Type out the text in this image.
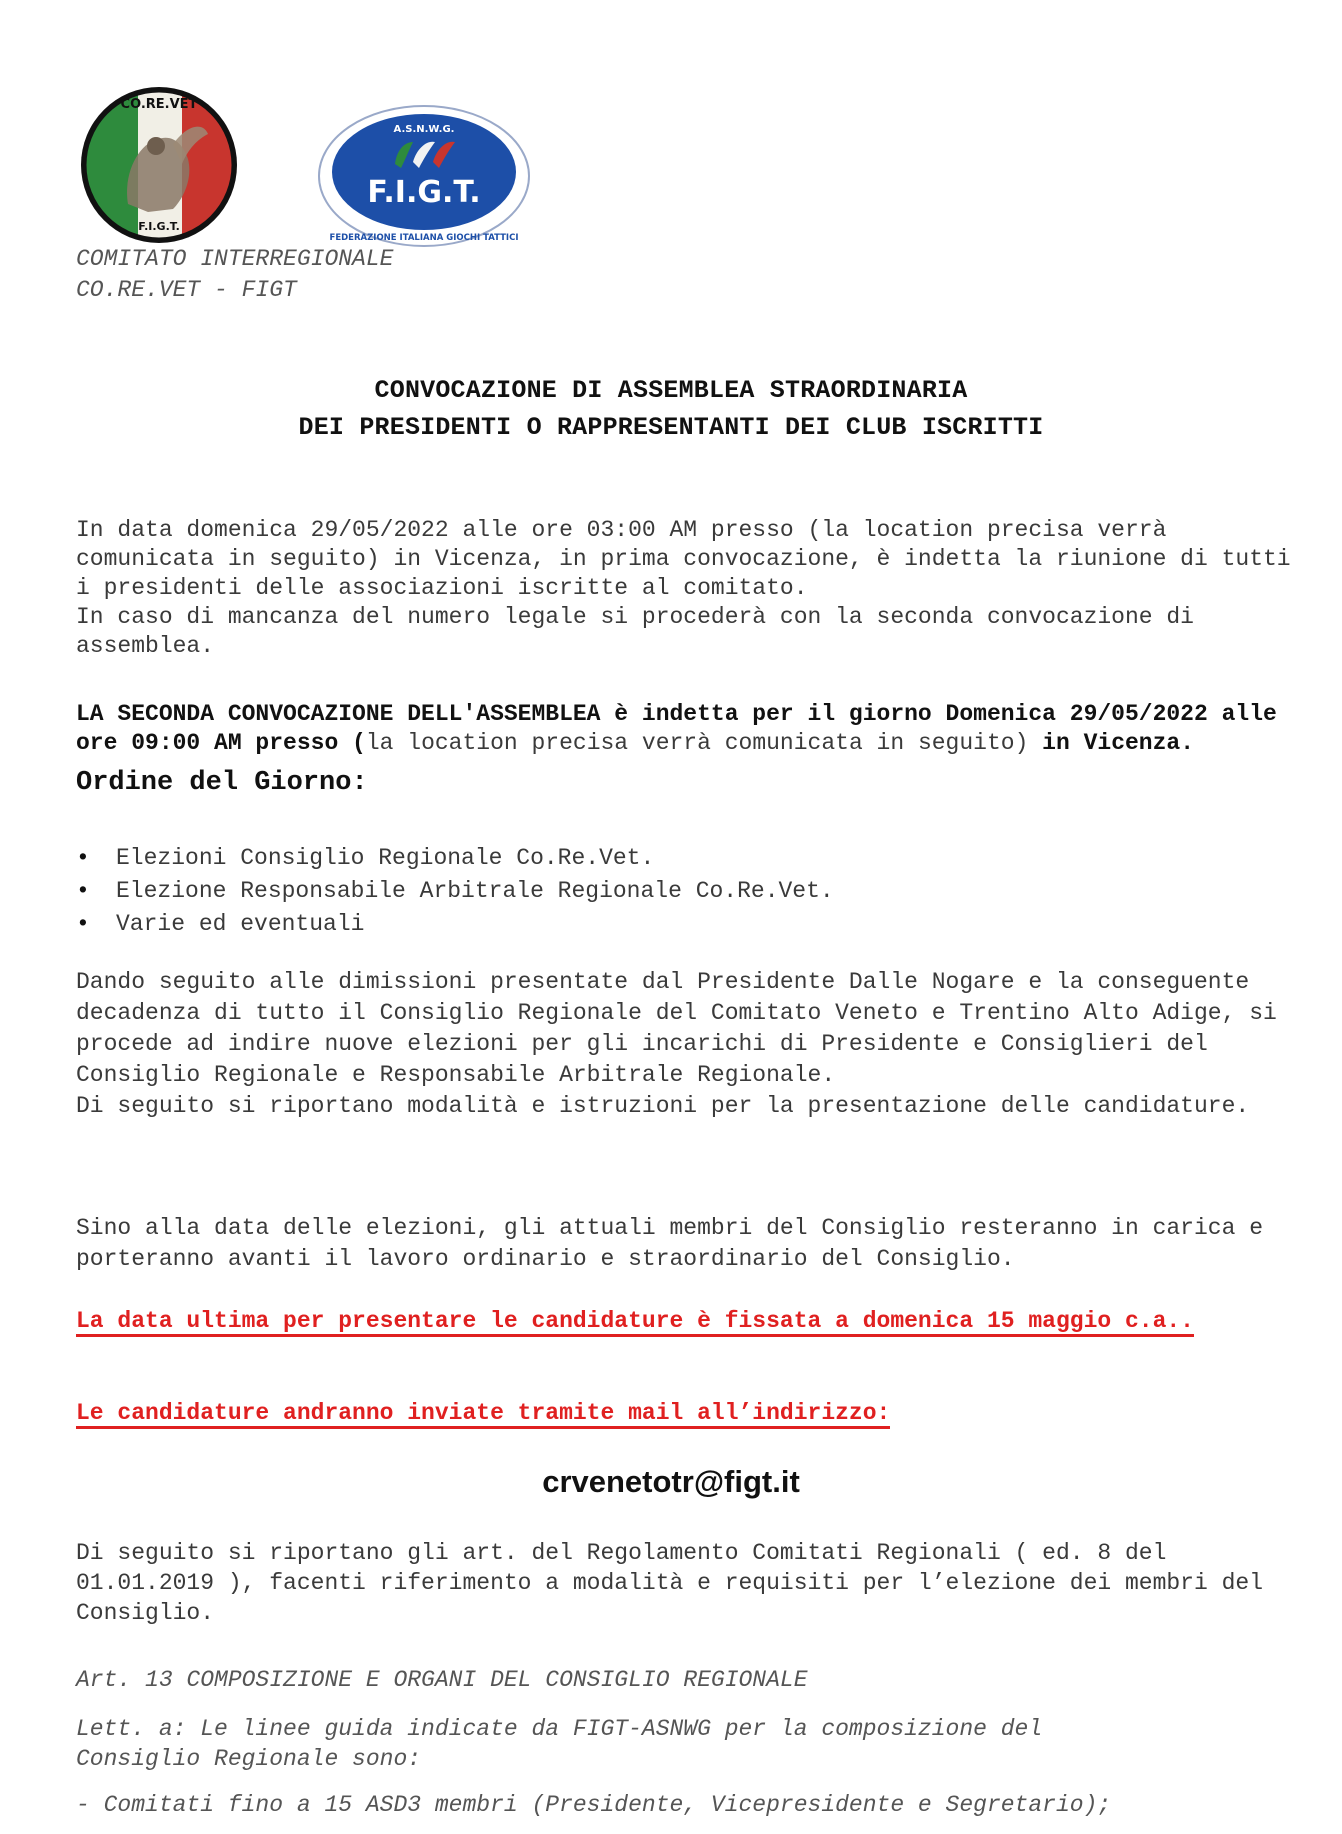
CO.RE.VET
F.I.G.T.
A.S.N.W.G.
F.I.G.T.
FEDERAZIONE ITALIANA GIOCHI TATTICI
COMITATO INTERREGIONALE
CO.RE.VET - FIGT
CONVOCAZIONE DI ASSEMBLEA STRAORDINARIA
DEI PRESIDENTI O RAPPRESENTANTI DEI CLUB ISCRITTI
In data domenica 29/05/2022 alle ore 03:00 AM presso (la location precisa verrà comunicata in seguito) in Vicenza, in prima convocazione, è indetta la riunione di tutti i presidenti delle associazioni iscritte al comitato.
In caso di mancanza del numero legale si procederà con la seconda convocazione di assemblea.

LA SECONDA CONVOCAZIONE DELL'ASSEMBLEA è indetta per il giorno Domenica 29/05/2022 alle ore 09:00 AM presso (la location precisa verrà comunicata in seguito) in Vicenza.

Ordine del Giorno:
•	Elezioni Consiglio Regionale Co.Re.Vet.
•	Elezione Responsabile Arbitrale Regionale Co.Re.Vet.
•	Varie ed eventuali
Dando seguito alle dimissioni presentate dal Presidente Dalle Nogare e la conseguente decadenza di tutto il Consiglio Regionale del Comitato Veneto e Trentino Alto Adige, si procede ad indire nuove elezioni per gli incarichi di Presidente e Consiglieri del Consiglio Regionale e Responsabile Arbitrale Regionale.
Di seguito si riportano modalità e istruzioni per la presentazione delle candidature.
Sino alla data delle elezioni, gli attuali membri del Consiglio resteranno in carica e porteranno avanti il lavoro ordinario e straordinario del Consiglio.
La data ultima per presentare le candidature è fissata a domenica 15 maggio c.a..
Le candidature andranno inviate tramite mail all’indirizzo:
crvenetotr@figt.it
Di seguito si riportano gli art. del Regolamento Comitati Regionali ( ed. 8 del 01.01.2019 ), facenti riferimento a modalità e requisiti per l’elezione dei membri del Consiglio.
Art. 13 COMPOSIZIONE E ORGANI DEL CONSIGLIO REGIONALE
Lett. a: Le linee guida indicate da FIGT-ASNWG per la composizione del
Consiglio Regionale sono:
- Comitati fino a 15 ASD3 membri (Presidente, Vicepresidente e Segretario);
